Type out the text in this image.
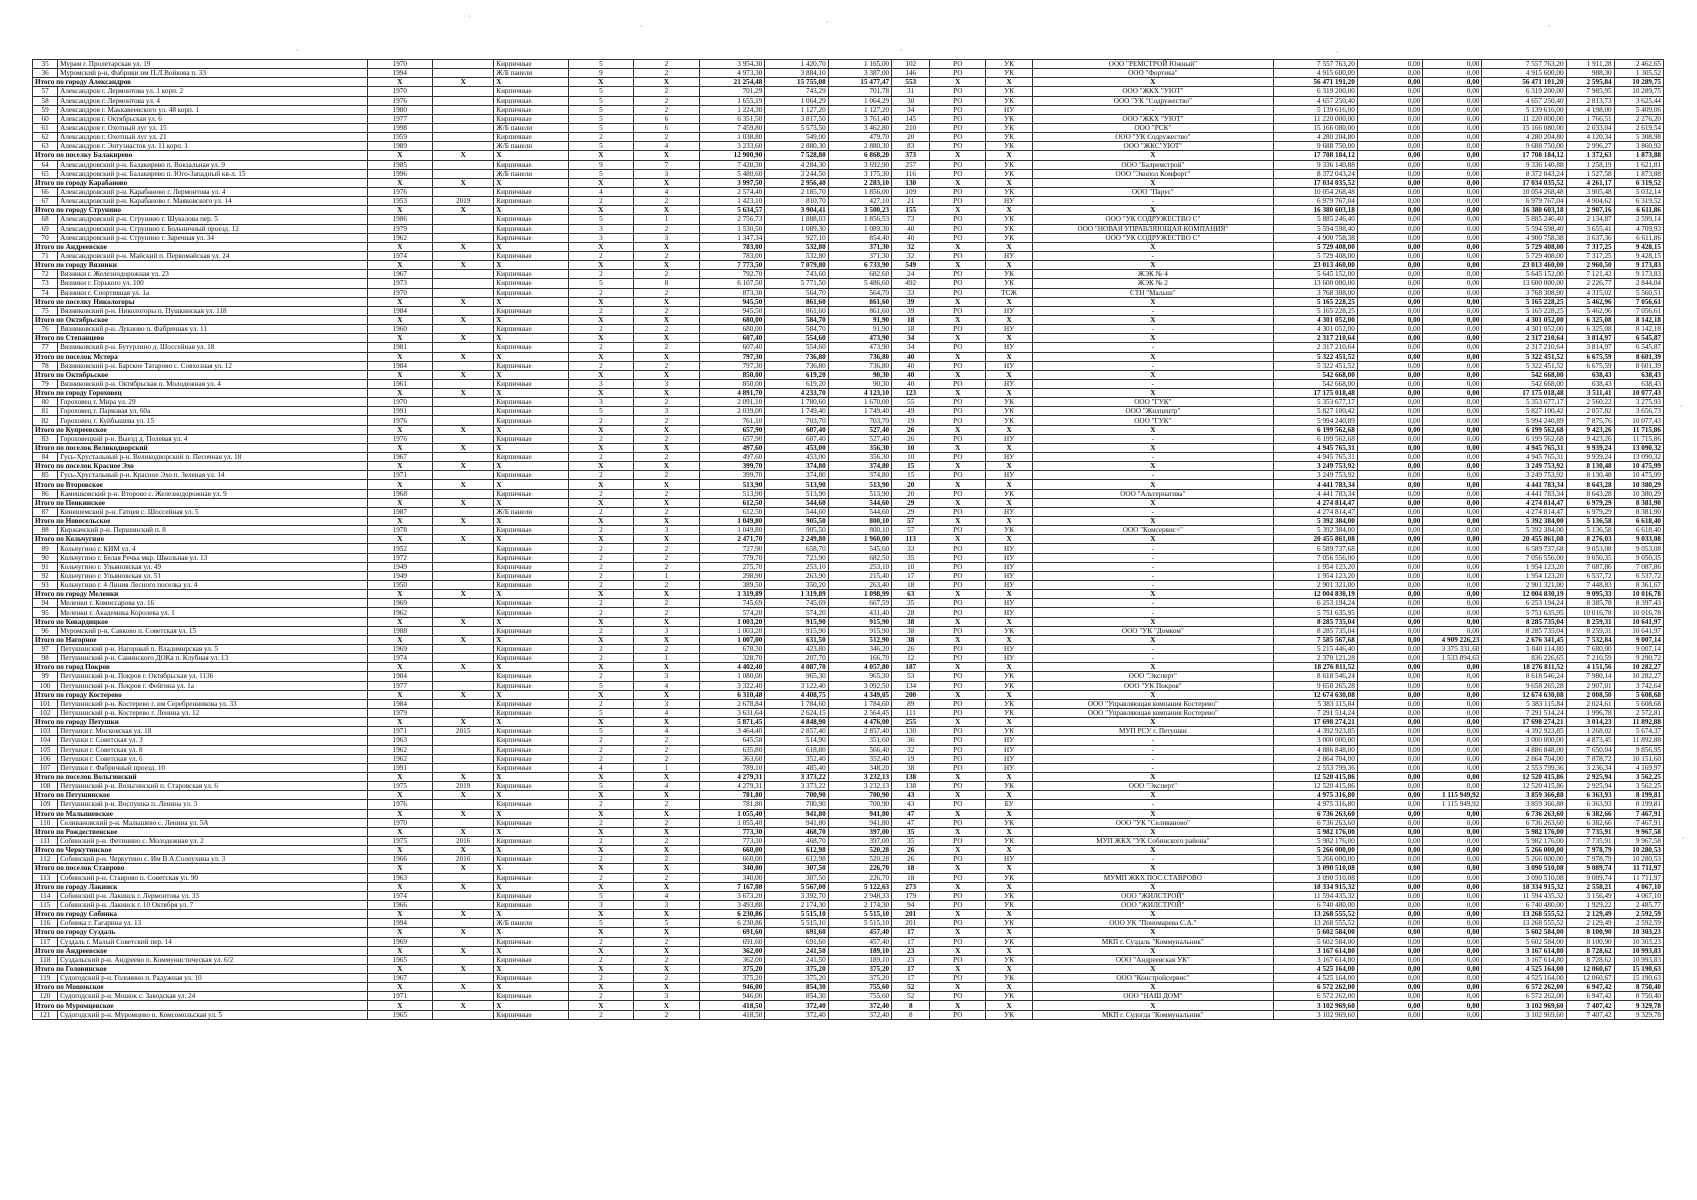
·
·
·	·
·	·
·
·
·
35	Мурам г. Пролетарская ул. 19	1970		Кирпичные	5	2	3 954,30	1 420,70	1 165,00	102	РО	УК	ООО "РЕМСТРОЙ Южный"	7 557 763,20	0,00	0,00	7 557 763,20	1 911,28	2 462,65
36	Муромский р-н, Фабрики им П.Л.Войкова п. 33	1994		Ж/Б панели	9	2	4 973,30	3 884,10	3 387,00	146	РО	УК	ООО "Фортика"	4 915 600,00	0,00	0,00	4 915 600,00	988,30	1 305,52
Итого по городу Александров		X	X	X	X	X	21 254,48	15 755,08	15 477,47	553	X	X	X	56 471 191,20	0,00	0,00	56 471 101,20	2 595,84	10 289,75
57	Александров г. Лермонтова ул. 1 корп. 2	1970		Кирпичные	5	2	701,29	743,29	701,78	31	РО	УК	ООО "ЖКХ "УЮТ"	6 319 200,00	0,00	0,00	6 319 200,00	7 985,95	10 289,75
58	Александров г. Лермонтова ул. 4	1976		Кирпичные	5	2	1 655,19	1 064,29	1 064,29	30	РО	УК	ООО "УК "Содружество"	4 657 250,40	0,00	0,00	4 657 250,40	2 813,73	3 625,44
59	Александров г. Маккавеевского ул. 48 корп. 1	1980		Кирпичные	5	2	1 224,30	1 127,20	1 127,20	34	РО	НУ	-	5 139 616,00	0,00	0,00	5 139 616,00	4 198,00	5 409,06
60	Александров г. Октябрьская ул. 6	1977		Кирпичные	5	6	6 351,50	3 817,50	3 761,40	145	РО	УК	ООО "ЖКХ "УЮТ"	11 220 000,00	0,00	0,00	11 220 000,00	1 766,51	2 276,20
61	Александров г. Охотный луг ул. 15	1998		Ж/Б панели	5	6	7 459,80	5 573,50	3 462,80	210	РО	УК	ООО "РСК"	15 166 080,00	0,00	0,00	15 166 080,00	2 033,04	2 619,54
62	Александров г. Охотный луг ул. 21	1959		Кирпичные	2	2	1 038,80	549,00	479,70	20	РО	УК	ООО "УК Содружество"	4 280 204,80	0,00	0,00	4 280 204,80	4 120,34	5 308,98
63	Александров г. Энтузиастов ул. 11 корп. 1	1989		Ж/Б панели	5	4	3 233,60	2 880,30	2 880,30	83	РО	УК	ООО "ЖКС"УЮТ"	9 688 750,00	0,00	0,00	9 688 750,00	2 996,27	3 860,92
Итого по поселку Балакирево		X	X	X	X	X	12 900,90	7 528,80	6 868,20	373	X	X	X	17 708 184,12	0,00	0,00	17 708 184,12	1 372,63	1 873,88
64	Александровский р-н. Балакирево п. Вокзальная ул. 9	1985		Кирпичные	9	7	7 420,30	4 284,30	3 692,90	257	РО	УК	ООО "Балремстрой"	9 336 140,88	0,00	0,00	9 336 140,88	1 258,19	1 621,81
65	Александровский р-н. Балакирево п. Юго-Западный кв-л. 15	1996		Ж/Б панели	5	3	5 480,60	3 244,50	3 175,30	116	РО	УК	ООО "Экопол Комфорт"	8 372 043,24	0,00	0,00	8 372 043,24	1 527,58	1 873,88
Итого по городу Карабаново		X	X	X	X	X	3 997,50	2 956,40	2 283,10	130	X	X	X	17 034 035,52	0,00	0,00	17 034 035,52	4 261,17	6 319,52
66	Александровский р-н. Карабаново г. Лермонтова ул. 4	1976		Кирпичные	4	4	2 574,40	2 185,70	1 856,00	109	РО	УК	ООО "Парус"	10 054 268,48	0,00	0,00	10 054 268,48	3 905,48	5 032,14
67	Александровский р-н. Карабаново г. Маяковского ул. 14	1953	2019	Кирпичные	2	2	1 423,10	810,70	427,10	21	РО	НУ	-	6 979 767,04	0,00	0,00	6 979 767,04	4 904,62	6 319,52
Итого по городу Струнино		X	X	X	X	X	5 634,57	3 904,41	3 500,23	155	X	X	X	16 380 603,18	0,00	0,00	16 380 603,18	2 907,16	6 611,86
68	Александровский р-н. Струнино г. Шувалова пер. 5	1986		Кирпичные	5	1	2 756,73	1 888,03	1 856,53	73	РО	УК	ООО "УК СОДРУЖЕСТВО С"	5 885 246,40	0,00	0,00	5 885 246,40	2 134,87	2 599,14
69	Александровский р-н. Струнино г. Больничный проезд. 12	1979		Кирпичные	3	2	1 530,50	1 089,30	1 089,30	40	РО	УК	ООО "НОВАЯ УПРАВЛЯЮЩАЯ КОМПАНИЯ"	5 594 598,40	0,00	0,00	5 594 598,40	3 655,41	4 709,93
70	Александровский р-н. Струнино г. Заречная ул. 34	1962		Кирпичные	3	3	1 347,34	927,10	854,40	40	РО	УК	ООО "УК СОДРУЖЕСТВО С"	4 900 758,38	0,00	0,00	4 900 758,38	3 637,36	6 611,86
Итого по Андреевское		X	X	X	X	X	783,00	532,80	371,30	32	X	X	X	5 729 408,00	0,00	0,00	5 729 408,00	7 317,25	9 428,15
71	Александровский р-н. Майский п. Первомайская ул. 24	1974		Кирпичные	2	2	783,00	532,80	371,30	32	РО	НУ	-	5 729 408,00	0,00	0,00	5 729 408,00	7 317,25	9 428,15
Итого по городу Вязники		X	X	X	X	X	7 773,50	7 079,80	6 733,90	549	X	X	X	23 013 460,00	0,00	0,00	23 013 460,00	2 960,50	9 173,83
72	Вязники г. Железнодорожная ул. 23	1967		Кирпичные	2	2	792,70	743,60	682,60	24	РО	УК	ЖЭК № 4	5 645 152,00	0,00	0,00	5 645 152,00	7 121,42	9 173,83
73	Вязники г. Горького ул. 100	1973		Кирпичные	5	8	6 107,50	5 771,50	5 486,60	492	РО	УК	ЖЭК № 2	13 600 000,00	0,00	0,00	13 600 000,00	2 226,77	2 844,04
74	Вязники г. Спортивная ул. 1а	1970		Кирпичные	2	2	873,30	564,70	564,70	33	РО	ТСЖ	СТН "Малыш"	3 768 308,00	0,00	0,00	3 768 308,00	4 315,02	5 560,51
Итого по поселку Никологоры		X	X	X	X	X	945,50	861,60	861,60	39	X	X	X	5 165 228,25	0,00	0,00	5 165 228,25	5 462,96	7 056,61
75	Вязниковский р-н. Никологоры п. Пушкинская ул. 118	1984		Кирпичные	2	2	945,50	861,60	861,60	39	РО	НУ	-	5 165 228,25	0,00	0,00	5 165 228,25	5 462,96	7 056,61
Итого по Октябрьское		X	X	X	X	X	680,00	584,70	91,90	18	X	X	X	4 301 052,00	0,00	0,00	4 301 052,00	6 325,08	8 142,18
76	Вязниковский р-н. Лукново п. Фабричная ул. 11	1960		Кирпичные	2	2	680,00	584,70	91,90	18	РО	НУ	-	4 301 052,00	0,00	0,00	4 301 052,00	6 325,08	8 142,18
Итого по Степанцево		X	X	X	X	X	607,40	554,60	473,90	34	X	X	X	2 317 210,64	0,00	0,00	2 317 210,64	3 814,97	6 545,87
77	Вязниковский р-н. Бутурлино д. Шоссейная ул. 18	1981		Кирпичные	2	2	607,40	554,60	473,90	34	РО	НУ	-	2 317 210,64	0,00	0,00	2 317 210,64	3 814,97	6 545,87
Итого по поселок Мстера		X	X	X	X	X	797,30	736,80	736,80	40	X	X	X	5 322 451,52	0,00	0,00	5 322 451,52	6 675,59	8 601,39
78	Вязниковский р-н. Барское Татарово с. Совхозная ул. 12	1984		Кирпичные	2	2	797,30	736,80	736,80	40	РО	НУ	-	5 322 451,52	0,00	0,00	5 322 451,52	6 675,59	8 601,39
Итого по Октябрьское		X	X	X	X	X	850,00	619,20	90,30	40	X	X	X	542 668,00	0,00	0,00	542 668,00	638,43	638,43
79	Вязниковский р-н. Октябрьская п. Молодежная ул. 4	1961		Кирпичные	3	3	850,00	619,20	90,30	40	РО	НУ	-	542 668,00	0,00	0,00	542 668,00	638,43	638,43
Итого по городу Гороховец		X	X	X	X	X	4 891,70	4 233,70	4 123,10	123	X	X	X	17 175 018,48	0,00	0,00	17 175 018,48	3 511,41	10 077,43
80	Гороховец г. Мира ул. 29	1970		Кирпичные	3	2	2 091,10	1 780,60	1 670,00	55	РО	УК	ООО "ГУК"	5 353 677,17	0,00	0,00	5 353 677,17	2 560,22	3 275,93
81	Гороховец г. Парковая ул. 60а	1991		Кирпичные	5	3	2 039,00	1 749,40	1 749,40	49	РО	УК	ООО "Жилцентр"	5 827 100,42	0,00	0,00	5 827 100,42	2 857,82	3 656,73
82	Гороховец г. Куйбышева ул. 15	1976		Кирпичные	2	2	761,10	703,70	703,70	19	РО	УК	ООО "ГУК"	5 994 240,89	0,00	0,00	5 994 240,89	7 875,76	10 077,43
Итого по Купреевское		X	X	X	X	X	657,90	607,40	527,40	26	X	X	X	6 199 562,68	0,00	0,00	6 199 562,68	9 423,26	11 715,86
83	Гороховецкий р-н. Выезд д. Полевая ул. 4	1976		Кирпичные	2	2	657,90	607,40	527,40	26	РО	НУ	-	6 199 562,68	0,00	0,00	6 199 562,68	9 423,26	11 715,86
Итого по поселок Великодворский		X	X	X	X	X	497,60	453,00	356,30	10	X	X	X	4 945 765,31	0,00	0,00	4 945 765,31	9 939,24	13 090,32
84	Гусь-Хрустальный р-н. Великодворский п. Песочная ул. 18	1967		Кирпичные	2	2	497,60	453,00	356,30	10	РО	НУ	-	4 945 765,31	0,00	0,00	4 945 765,31	9 939,24	13 090,32
Итого по поселок Красное Эхо		X	X	X	X	X	399,70	374,80	374,80	15	X	X	X	3 249 753,92	0,00	0,00	3 249 753,92	8 130,48	10 475,99
85	Гусь-Хрустальный р-н. Красное Эхо п. Зеленая ул. 14	1971		Кирпичные	2	2	399,70	374,80	374,80	15	РО	НУ	-	3 249 753,92	0,00	0,00	3 249 753,92	8 130,48	10 475,99
Итого по Второвское		X	X	X	X	X	513,90	513,90	513,90	20	X	X	X	4 441 783,34	0,00	0,00	4 441 783,34	8 643,28	10 380,29
86	Камешковский р-н. Второво с. Железнодорожная ул. 9	1968		Кирпичные	2	2	513,90	513,90	513,90	20	РО	УК	ООО "Альтернатива"	4 441 783,34	0,00	0,00	4 441 783,34	8 643,28	10 380,29
Итого по Пенкинское		X	X	X	X	X	612,50	544,60	544,60	29	X	X	X	4 274 814,47	0,00	0,00	4 274 814,47	6 979,29	8 381,90
87	Кинешемский р-н. Гатцев с. Шоссейная ул. 5	1987		Ж/Б панели	2	2	612,50	544,60	544,60	29	РО	НУ	-	4 274 814,47	0,00	0,00	4 274 814,47	6 979,29	8 381,90
Итого по Новосельское		X	X	X	X	X	1 049,80	905,50	800,10	57	X	X	X	5 392 384,00	0,00	0,00	5 392 384,00	5 136,58	6 618,40
88	Киржачский р-н. Першинский п. 8	1978		Кирпичные	2	3	1 049,80	905,50	800,10	57	РО	УК	ООО "Комсервис+"	5 392 384,00	0,00	0,00	5 392 384,00	5 136,58	6 618,40
Итого по Кольчугино		X	X	X	X	X	2 471,70	2 249,80	1 960,00	113	X	X	X	20 455 861,08	0,00	0,00	20 455 861,08	8 276,03	9 033,08
89	Кольчугино г. КИМ ул. 4	1952		Кирпичные	2	2	727,90	658,70	545,60	33	РО	НУ	-	6 589 737,68	0,00	0,00	6 589 737,68	9 053,08	9 053,08
90	Кольчугино г. Белая Речка мкр. Школьная ул. 13	1972		Кирпичные	2	2	779,70	723,90	682,50	35	РО	НУ	-	7 056 556,00	0,00	0,00	7 056 556,00	9 050,35	9 050,35
91	Кольчугино г. Ульяновская ул. 49	1949		Кирпичные	2	2	275,70	253,10	253,10	10	РО	НУ	-	1 954 123,20	0,00	0,00	1 954 123,20	7 087,86	7 087,86
92	Кольчугино г. Ульяновская ул. 51	1949		Кирпичные	2	1	298,90	263,90	215,40	17	РО	НУ	-	1 954 123,20	0,00	0,00	1 954 123,20	6 537,72	6 537,72
93	Кольчугино г. 4 Линия Лесного поселка ул. 4	1950		Кирпичные	2	2	389,50	350,20	263,40	18	РО	НУ	-	2 901 321,00	0,00	0,00	2 901 321,00	7 448,83	8 361,67
Итого по городу Меленки		X	X	X	X	X	1 319,89	1 319,89	1 098,99	63	X	X	X	12 004 830,19	0,00	0,00	12 004 830,19	9 095,33	10 016,78
94	Меленки г. Комиссарова ул. 16	1969		Кирпичные	2	2	745,69	745,69	667,59	35	РО	НУ	-	6 253 194,24	0,00	0,00	6 253 194,24	8 385,78	8 397,43
95	Меленки г. Академика Королева ул. 1	1962		Кирпичные	2	2	574,20	574,20	431,40	28	РО	НУ	-	5 751 635,95	0,00	0,00	5 751 635,95	10 016,78	10 016,78
Итого по Ковардицкое		X	X	X	X	X	1 003,20	915,90	915,90	38	X	X	X	8 285 735,04	0,00	0,00	8 285 735,04	8 259,31	10 641,97
96	Муромский р-н. Савково п. Советская ул. 15	1988		Кирпичные	2	3	1 003,20	915,90	915,90	38	РО	УК	ООО "УК "Домком"	8 285 735,04	0,00	0,00	8 285 735,04	8 259,31	10 641,97
Итого по Нагорное		X	X	X	X	X	1 007,00	631,50	512,90	38	X	X	X	7 585 567,68	0,00	4 909 226,23	2 676 341,45	7 532,84	9 007,14
97	Петушинский р-н. Нагорный п. Владимирская ул. 5	1969		Кирпичные	2	2	678,30	423,80	346,20	26	РО	НУ	-	5 215 446,40	0,00	3 375 331,60	1 840 114,80	7 680,00	9 007,14
98	Петушинский р-н. Санинского ДОКа п. Клубная ул. 13	1974		Кирпичные	2	1	328,70	207,70	166,70	12	РО	НУ	-	2 370 121,28	0,00	1 533 894,63	836 226,65	7 210,59	9 290,72
Итого по город Покров		X	X	X	X	X	4 402,40	4 087,70	4 057,80	187	X	X	X	18 276 811,52	0,00	0,00	18 276 811,52	4 151,56	10 282,27
99	Петушинский р-н. Покров г. Октябрьская ул. 1136	1984		Кирпичные	2	3	1 080,00	965,30	965,30	53	РО	УК	ООО "Эксперт"	8 618 546,24	0,00	0,00	8 618 546,24	7 980,14	10 282,27
100	Петушинский р-н. Покров г. Фейгина ул. 1а	1977		Кирпичные	5	4	3 322,40	3 122,40	3 092,50	134	РО	УК	ООО "УК Покров"	9 658 265,28	0,00	0,00	9 658 265,28	2 907,01	3 742,64
Итого по городу Костерево		X	X	X	X	X	6 310,48	4 408,75	4 349,05	200	X	X	X	12 674 630,08	0,00	0,00	12 674 630,08	2 008,50	5 608,68
101	Петушинский р-н. Костерево г. им Серебренникова ул. 33	1984		Кирпичные	2	3	2 678,84	1 784,60	1 784,60	89	РО	УК	ООО "Управляющая компания Костерево"	5 383 115,84	0,00	0,00	5 383 115,84	2 024,61	5 608,68
102	Петушинский р-н. Костерево г. Ленина ул. 12	1979		Кирпичные	5	4	3 631,64	2 624,15	2 564,45	111	РО	УК	ООО "Управляющая компания Костерево"	7 291 514,24	0,00	0,00	7 291 514,24	1 996,78	2 572,81
Итого по городу Петушки		X	X	X	X	X	5 871,45	4 848,90	4 476,00	255	X	X	X	17 698 274,21	0,00	0,00	17 698 274,21	3 014,23	11 892,88
103	Петушки г. Московская ул. 18	1971	2015	Кирпичные	5	4	3 464,40	2 857,40	2 857,40	130	РО	УК	МУП РСУ г. Петушки	4 392 923,85	0,00	0,00	4 392 923,85	1 268,02	5 674,37
104	Петушки г. Советская ул. 3	1963		Кирпичные	2	2	645,58	514,90	351,60	36	РО	НУ	-	3 000 000,00	0,00	0,00	3 000 000,00	4 873,45	11 892,88
105	Петушки г. Советская ул. 8	1962		Кирпичные	2	2	635,80	618,80	566,40	32	РО	НУ	-	4 886 848,00	0,00	0,00	4 886 848,00	7 650,04	9 856,95
106	Петушки г. Советская ул. 6	1962		Кирпичные	2	2	363,60	352,40	352,40	19	РО	НУ	-	2 864 704,00	0,00	0,00	2 864 704,00	7 878,72	10 151,60
107	Петушки г. Фабричный проезд. 10	1991		Кирпичные	4	1	789,10	485,40	348,20	38	РО	НУ	-	2 553 799,36	0,00	0,00	2 553 799,36	3 236,34	4 169,97
Итого по поселок Вольгинский		X	X	X	X	X	4 279,31	3 373,22	3 232,13	138	X	X	X	12 520 415,86	0,00	0,00	12 520 415,86	2 925,94	3 562,25
108	Петушинский р-н. Вольгинский п. Старовская ул. 6	1975	2019	Кирпичные	5	4	4 279,31	3 373,22	3 232,13	138	РО	УК	ООО "Эксперт"	12 520 415,86	0,00	0,00	12 520 415,86	2 925,94	3 562,25
Итого по Петушинское		X	X	X	X	X	781,80	700,90	700,90	43	X	X	X	4 975 316,80	0,00	1 115 949,92	3 859 366,88	6 363,93	8 199,81
109	Петушинский р-н. Воспушка п. Ленина ул. 3	1976		Кирпичные	2	2	781,80	700,90	700,90	43	РО	БУ	-	4 975 316,80	0,00	1 115 949,92	3 859 366,88	6 363,93	8 199,81
Итого по Малышевское		X	X	X	X	X	1 055,40	941,80	941,80	47	X	X	X	6 736 263,60	0,00	0,00	6 736 263,60	6 382,66	7 467,91
110	Селивановский р-н. Малышево с. Ленина ул. 5А	1970		Кирпичные	2	2	1 055,40	941,80	941,80	47	РО	УК	ООО "УК "Селиваново"	6 736 263,60	0,00	0,00	6 736 263,60	6 382,66	7 467,91
Итого по Рождественское		X	X	X	X	X	773,30	468,70	397,00	35	X	X	X	5 982 176,00	0,00	0,00	5 982 176,00	7 735,91	9 967,58
111	Собинский р-н. Фетинино с. Молодежная ул. 2	1975	2016	Кирпичные	2	2	773,30	468,70	397,00	35	РО	УК	МУП ЖКХ "УК Собинского района"	5 982 176,00	0,00	0,00	5 982 176,00	7 735,91	9 967,58
Итого по Черкутинское		X	X	X	X	X	660,00	612,98	520,28	26	X	X	X	5 266 000,00	0,00	0,00	5 266 000,00	7 978,79	10 280,53
112	Собинский р-н. Черкутино с. Им В.А.Солоухина ул. 3	1966	2016	Кирпичные	2	2	660,00	612,98	520,28	26	РО	НУ	-	5 266 000,00	0,00	0,00	5 266 000,00	7 978,79	10 280,53
Итого по поселок Ставрово		X	X	X	X	X	340,00	307,50	226,70	18	X	X	X	3 090 510,08	0,00	0,00	3 090 510,08	9 089,74	11 711,97
113	Собинский р-н. Ставрово п. Советская ул. 90	1963		Кирпичные	2	2	340,00	307,50	226,70	18	РО	УК	МУМП ЖКХ ПОС.СТАВРОВО	3 090 510,08	0,00	0,00	3 090 510,08	9 089,74	11 711,97
Итого по городу Лакинск		X	X	X	X	X	7 167,08	5 567,00	5 122,63	273	X	X	X	18 334 915,32	0,00	0,00	18 334 915,32	2 558,21	4 067,10
114	Собинский р-н. Лакинск г. Лермонтова ул. 33	1974		Кирпичные	5	4	3 673,20	3 392,70	2 948,33	179	РО	УК	ООО "ЖИЛСТРОЙ"	11 594 435,32	0,00	0,00	11 594 435,32	3 156,49	4 067,10
115	Собинский р-н. Лакинск г. 10 Октября ул. 7	1966		Кирпичные	3	3	3 493,88	2 174,30	2 174,30	94	РО	УК	ООО "ЖИЛСТРОЙ"	6 740 480,00	0,00	0,00	6 740 480,00	1 929,22	2 485,77
Итого по городу Собинка		X	X	X	X	X	6 230,86	5 515,10	5 515,10	201	X	X	X	13 268 555,52	0,00	0,00	13 268 555,52	2 129,49	2 592,59
116	Собинка г. Гагарина ул. 13	1994		Ж/Б панели	5	5	6 230,86	5 515,10	5 515,10	201	РО	УК	ООО УК "Пономарева С.А."	13 268 555,52	0,00	0,00	13 268 555,52	2 129,49	2 592,59
Итого по городу Суздаль		X	X	X	X	X	691,60	691,60	457,40	17	X	X	X	5 602 584,00	0,00	0,00	5 602 584,00	8 100,90	10 303,23
117	Суздаль г. Малый Советский пер. 14	1969		Кирпичные	2	2	691,60	691,60	457,40	17	РО	УК	МКП г. Суздаль "Коммунальник"	5 602 584,00	0,00	0,00	5 602 584,00	8 100,90	10 303,23
Итого по Андреевское		X	X	X	X	X	362,00	241,50	189,10	23	X	X	X	3 167 614,80	0,00	0,00	3 167 614,80	8 728,62	10 993,83
118	Суздальский р-н. Андреево п. Коммунистическая ул. 6/2	1965		Кирпичные	2	2	362,00	241,50	189,10	23	РО	УК	ООО "Андреевская УК"	3 167 614,80	0,00	0,00	3 167 614,80	8 728,62	10 993,83
Итого по Головинское		X	X	X	X	X	375,20	375,20	375,20	17	X	X	X	4 525 164,00	0,00	0,00	4 525 164,00	12 060,67	15 190,63
119	Судогодский р-н. Головино п. Радужная ул. 10	1967		Кирпичные	2	2	375,20	375,20	375,20	17	РО	УК	ООО "Констройсервис"	4 525 164,00	0,00	0,00	4 525 164,00	12 060,67	15 190,63
Итого по Мошокское		X	X	X	X	X	946,00	854,30	755,60	52	X	X	X	6 572 262,00	0,00	0,00	6 572 262,00	6 947,42	8 750,40
120	Судогодский р-н. Мошок с. Заводская ул. 24	1971		Кирпичные	2	3	946,00	854,30	755,60	52	РО	УК	ООО "НАШ ДОМ"	6 572 262,00	0,00	0,00	6 572 262,00	6 947,42	8 750,40
Итого по Муромцевское		X	X	X	X	X	418,50	372,40	372,40	8	X	X	X	3 102 969,60	0,00	0,00	3 102 969,60	7 407,42	9 329,78
121	Судогодский р-н. Муромцево п. Комсомольская ул. 5	1965		Кирпичные	2	2	418,50	372,40	372,40	8	РО	УК	МКП г. Судогда "Коммунальник"	3 102 969,60	0,00	0,00	3 102 969,60	7 407,42	9 329,78
